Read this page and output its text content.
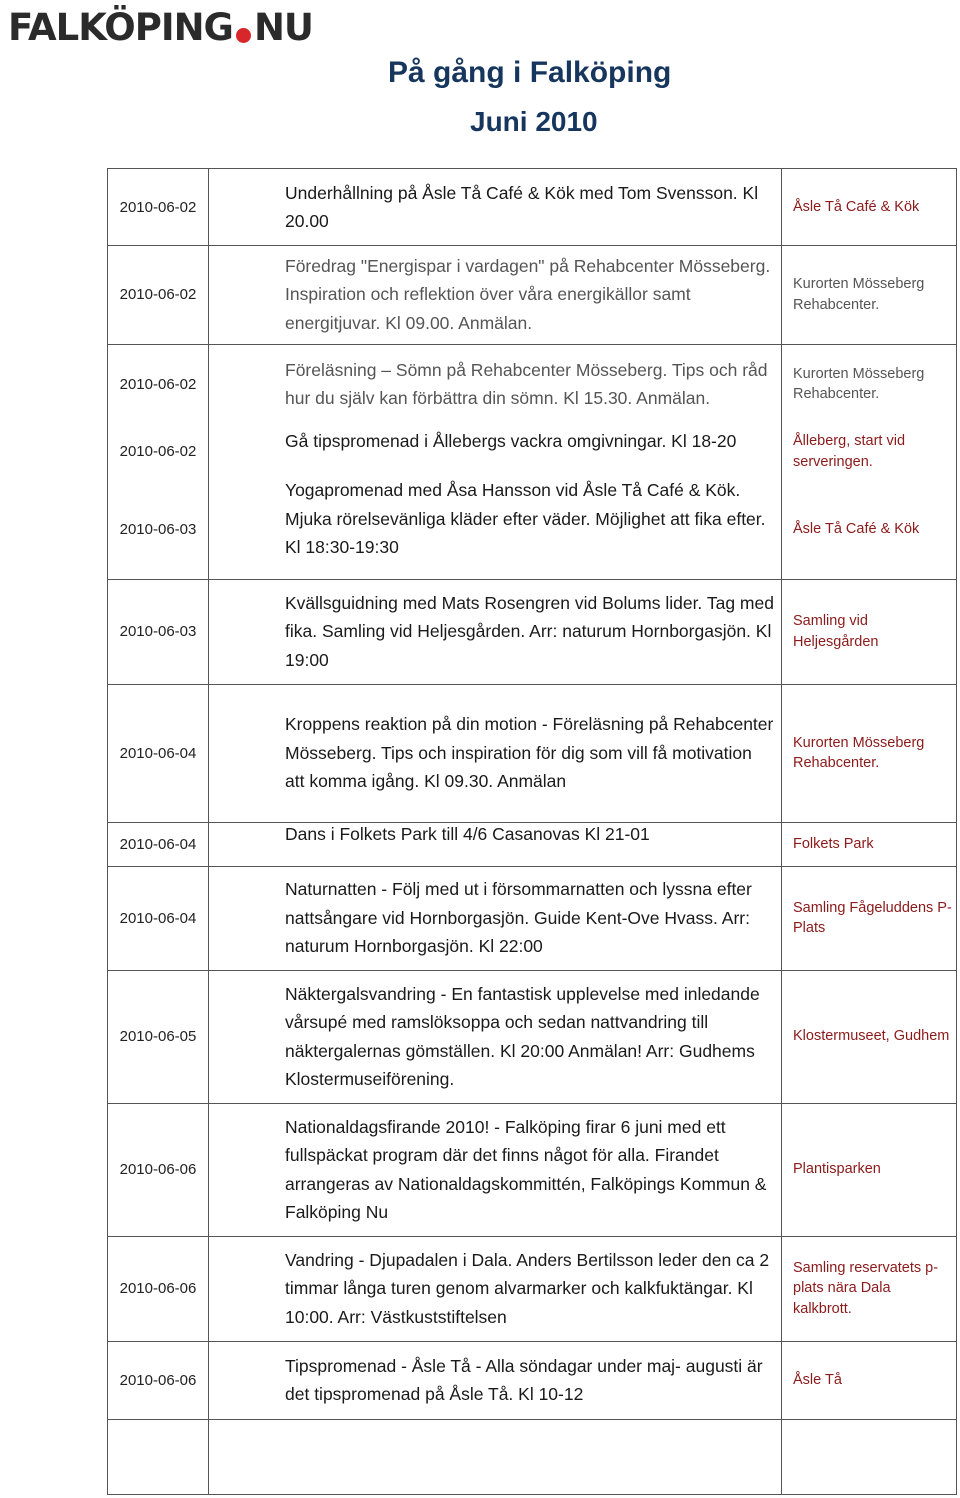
FALKÖPING NU
På gång i Falköping
Juni 2010
2010-06-02
Underhållning på Åsle Tå Café & Kök med Tom Svensson. Kl 20.00
Åsle Tå Café & Kök
2010-06-02
Föredrag "Energispar i vardagen" på Rehabcenter Mösseberg. Inspiration och reflektion över våra energikällor samt energitjuvar. Kl 09.00. Anmälan.
Kurorten Mösseberg Rehabcenter.
2010-06-02
Föreläsning – Sömn på Rehabcenter Mösseberg. Tips och råd hur du själv kan förbättra din sömn. Kl 15.30. Anmälan.
Kurorten Mösseberg Rehabcenter.
2010-06-02
Gå tipspromenad i Ållebergs vackra omgivningar. Kl 18-20	Ålleberg, start vid serveringen.
2010-06-03
Yogapromenad med Åsa Hansson vid Åsle Tå Café & Kök. Mjuka rörelsevänliga kläder efter väder. Möjlighet att fika efter. Kl 18:30-19:30
Åsle Tå Café & Kök
2010-06-03
Kvällsguidning med Mats Rosengren vid Bolums lider. Tag med fika. Samling vid Heljesgården. Arr: naturum Hornborgasjön. Kl 19:00
Samling vid Heljesgården
2010-06-04
Kroppens reaktion på din motion - Föreläsning på Rehabcenter Mösseberg. Tips och inspiration för dig som vill få motivation att komma igång. Kl 09.30. Anmälan
Kurorten Mösseberg Rehabcenter.
2010-06-04
Dans i Folkets Park till 4/6 Casanovas Kl 21-01	Folkets Park
2010-06-04
Naturnatten - Följ med ut i försommarnatten och lyssna efter nattsångare vid Hornborgasjön. Guide Kent-Ove Hvass. Arr: naturum Hornborgasjön. Kl 22:00
Samling Fågeluddens P-Plats
2010-06-05
Näktergalsvandring - En fantastisk upplevelse med inledande vårsupé med ramslöksoppa och sedan nattvandring till näktergalernas gömställen. Kl 20:00 Anmälan! Arr: Gudhems Klostermuseiförening.
Klostermuseet, Gudhem
2010-06-06
Nationaldagsfirande 2010! - Falköping firar 6 juni med ett fullspäckat program där det finns något för alla. Firandet arrangeras av Nationaldagskommittén, Falköpings Kommun & Falköping Nu
Plantisparken
2010-06-06
Vandring - Djupadalen i Dala. Anders Bertilsson leder den ca 2 timmar långa turen genom alvarmarker och kalkfuktängar. Kl 10:00. Arr: Västkuststiftelsen
Samling reservatets p-plats nära Dala kalkbrott.
2010-06-06
Tipspromenad - Åsle Tå - Alla söndagar under maj- augusti är det tipspromenad på Åsle Tå. Kl 10-12
Åsle Tå
